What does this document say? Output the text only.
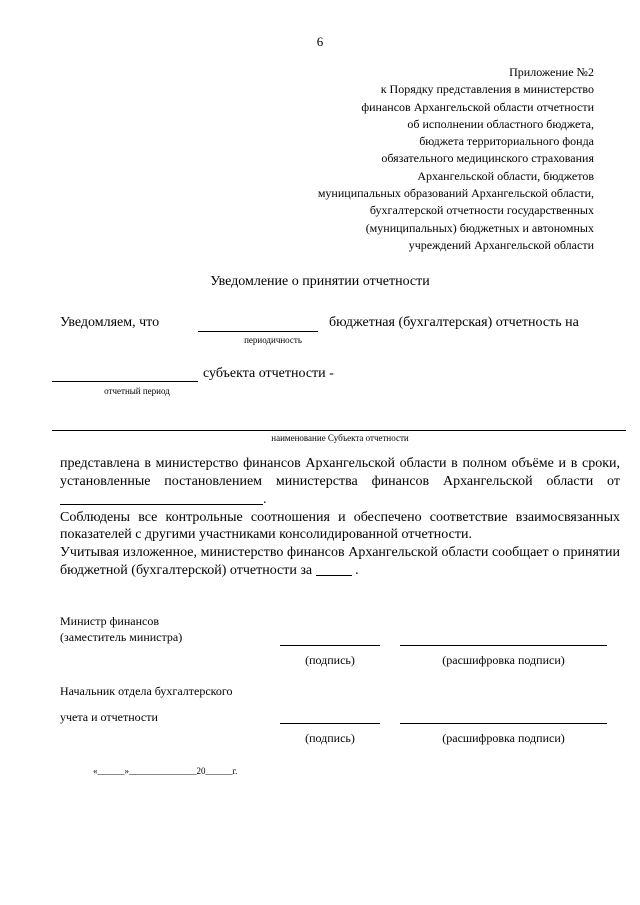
6
Приложение №2
к Порядку представления в министерство
финансов Архангельской области отчетности
об исполнении областного бюджета,
бюджета территориального фонда
обязательного медицинского страхования
Архангельской области, бюджетов
муниципальных образований Архангельской области,
бухгалтерской отчетности государственных
(муниципальных) бюджетных и автономных
учреждений Архангельской области
Уведомление о принятии отчетности
Уведомляем, что
периодичность
бюджетная (бухгалтерская) отчетность на
субъекта отчетности -
отчетный период
наименование Субъекта отчетности

представлена в министерство финансов Архангельской области в полном объёме и в сроки, установленные постановлением министерства финансов Архангельской области от .

Соблюдены все контрольные соотношения и обеспечено соответствие взаимосвязанных показателей с другими участниками консолидированной отчетности.

Учитывая изложенное, министерство финансов Архангельской области сообщает о принятии бюджетной (бухгалтерской) отчетности за	.

Министр финансов
(заместитель министра)
(подпись)	(расшифровка подписи)
Начальник отдела бухгалтерского
учета и отчетности
(подпись)	(расшифровка подписи)
«______»_______________20______г.
